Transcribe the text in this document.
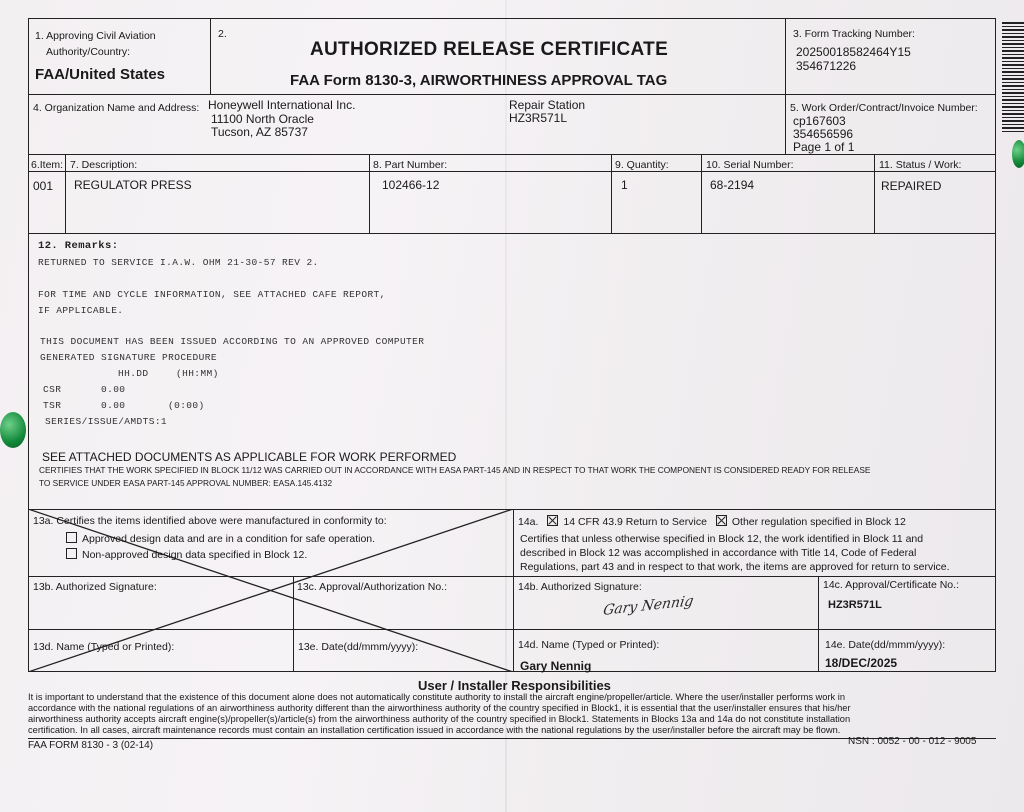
1. Approving Civil Aviation
Authority/Country:
FAA/United States
2.
AUTHORIZED RELEASE CERTIFICATE
FAA Form 8130-3, AIRWORTHINESS APPROVAL TAG
3. Form Tracking Number:
20250018582464Y15
354671226
4. Organization Name and Address: Honeywell International Inc.
11100 North Oracle
Tucson, AZ 85737
Repair Station
HZ3R571L
5. Work Order/Contract/Invoice Number:
cp167603
354656596
Page 1 of 1
6.Item: 7. Description:	8. Part Number:	9. Quantity:	10. Serial Number:	11. Status / Work:
001 REGULATOR PRESS	102466-12	1	68-2194	REPAIRED
12. Remarks:
RETURNED TO SERVICE I.A.W. OHM 21-30-57 REV 2.
FOR TIME AND CYCLE INFORMATION, SEE ATTACHED CAFE REPORT,
IF APPLICABLE.
THIS DOCUMENT HAS BEEN ISSUED ACCORDING TO AN APPROVED COMPUTER
GENERATED SIGNATURE PROCEDURE
HH.DD	(HH:MM)
CSR	0.00
TSR	0.00	(0:00)
SERIES/ISSUE/AMDTS:1
SEE ATTACHED DOCUMENTS AS APPLICABLE FOR WORK PERFORMED
CERTIFIES THAT THE WORK SPECIFIED IN BLOCK 11/12 WAS CARRIED OUT IN ACCORDANCE WITH EASA PART-145 AND IN RESPECT TO THAT WORK THE COMPONENT IS CONSIDERED READY FOR RELEASE
TO SERVICE UNDER EASA PART-145 APPROVAL NUMBER: EASA.145.4132
13a. Certifies the items identified above were manufactured in conformity to:
Approved design data and are in a condition for safe operation.
Non-approved design data specified in Block 12.
13b. Authorized Signature:	13c. Approval/Authorization No.:
13d. Name (Typed or Printed):	13e. Date(dd/mmm/yyyy):
14a. 14 CFR 43.9 Return to Service Other regulation specified in Block 12
Certifies that unless otherwise specified in Block 12, the work identified in Block 11 and
described in Block 12 was accomplished in accordance with Title 14, Code of Federal
Regulations, part 43 and in respect to that work, the items are approved for return to service.
14b. Authorized Signature:
Gary Nennig
14c. Approval/Certificate No.:
HZ3R571L
14d. Name (Typed or Printed):
Gary Nennig
14e. Date(dd/mmm/yyyy):
18/DEC/2025
User / Installer Responsibilities
It is important to understand that the existence of this document alone does not automatically constitute authority to install the aircraft engine/propeller/article. Where the user/installer performs work in
accordance with the national regulations of an airworthiness authority different than the airworthiness authority of the country specified in Block1, it is essential that the user/installer ensures that his/her
airworthiness authority accepts aircraft engine(s)/propeller(s)/article(s) from the airworthiness authority of the country specified in Block1. Statements in Blocks 13a and 14a do not constitute installation
certification. In all cases, aircraft maintenance records must contain an installation certification issued in accordance with the national regulations by the user/installer before the aircraft may be flown.
FAA FORM 8130 - 3 (02-14)	NSN : 0052 - 00 - 012 - 9005
